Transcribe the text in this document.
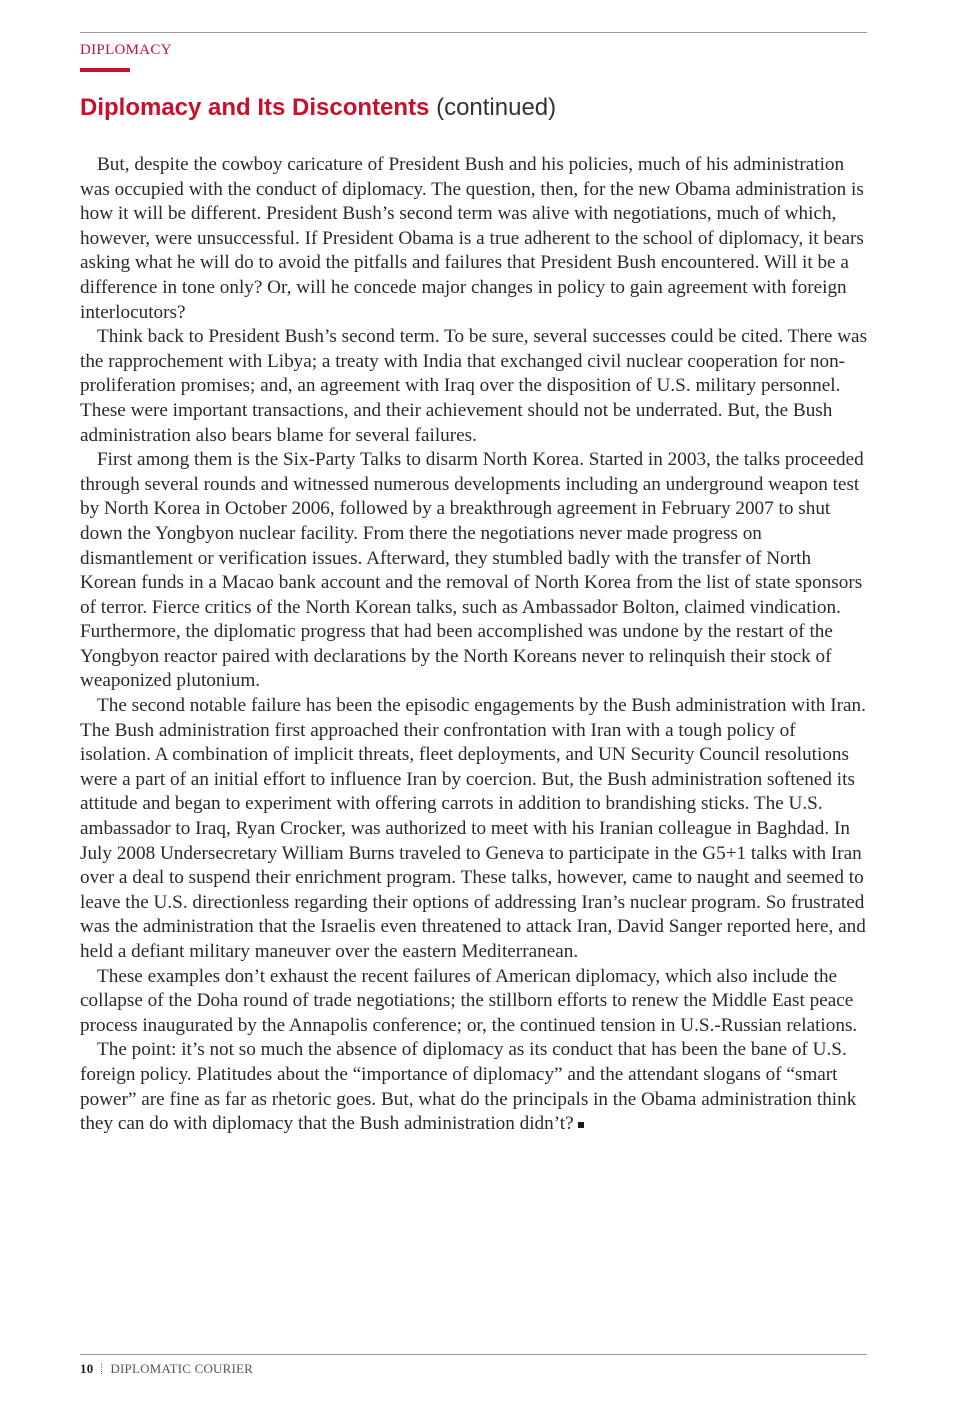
DIPLOMACY
Diplomacy and Its Discontents (continued)

But, despite the cowboy caricature of President Bush and his policies, much of his administration was occupied with the conduct of diplomacy. The question, then, for the new Obama administration is how it will be different. President Bush’s second term was alive with negotiations, much of which, however, were unsuccessful. If President Obama is a true adherent to the school of diplomacy, it bears asking what he will do to avoid the pitfalls and failures that President Bush encountered. Will it be a difference in tone only? Or, will he concede major changes in policy to gain agreement with foreign interlocutors?

Think back to President Bush’s second term. To be sure, several successes could be cited. There was the rapprochement with Libya; a treaty with India that exchanged civil nuclear cooperation for non-proliferation promises; and, an agreement with Iraq over the disposition of U.S. military personnel. These were important transactions, and their achievement should not be underrated. But, the Bush administration also bears blame for several failures.

First among them is the Six-Party Talks to disarm North Korea. Started in 2003, the talks proceeded through several rounds and witnessed numerous developments including an underground weapon test by North Korea in October 2006, followed by a breakthrough agreement in February 2007 to shut down the Yongbyon nuclear facility. From there the negotiations never made progress on dismantlement or verification issues. Afterward, they stumbled badly with the transfer of North Korean funds in a Macao bank account and the removal of North Korea from the list of state sponsors of terror. Fierce critics of the North Korean talks, such as Ambassador Bolton, claimed vindication. Furthermore, the diplomatic progress that had been accomplished was undone by the restart of the Yongbyon reactor paired with declarations by the North Koreans never to relinquish their stock of weaponized plutonium.

The second notable failure has been the episodic engagements by the Bush administration with Iran. The Bush administration first approached their confrontation with Iran with a tough policy of isolation. A combination of implicit threats, fleet deployments, and UN Security Council resolutions were a part of an initial effort to influence Iran by coercion. But, the Bush administration softened its attitude and began to experiment with offering carrots in addition to brandishing sticks. The U.S. ambassador to Iraq, Ryan Crocker, was authorized to meet with his Iranian colleague in Baghdad. In July 2008 Undersecretary William Burns traveled to Geneva to participate in the G5+1 talks with Iran over a deal to suspend their enrichment program. These talks, however, came to naught and seemed to leave the U.S. directionless regarding their options of addressing Iran’s nuclear program. So frustrated was the administration that the Israelis even threatened to attack Iran, David Sanger reported here, and held a defiant military maneuver over the eastern Mediterranean.

These examples don’t exhaust the recent failures of American diplomacy, which also include the collapse of the Doha round of trade negotiations; the stillborn efforts to renew the Middle East peace process inaugurated by the Annapolis conference; or, the continued tension in U.S.-Russian relations.

The point: it’s not so much the absence of diplomacy as its conduct that has been the bane of U.S. foreign policy. Platitudes about the “importance of diplomacy” and the attendant slogans of “smart power” are fine as far as rhetoric goes. But, what do the principals in the Obama administration think they can do with diplomacy that the Bush administration didn’t?

10 DIPLOMATIC COURIER
